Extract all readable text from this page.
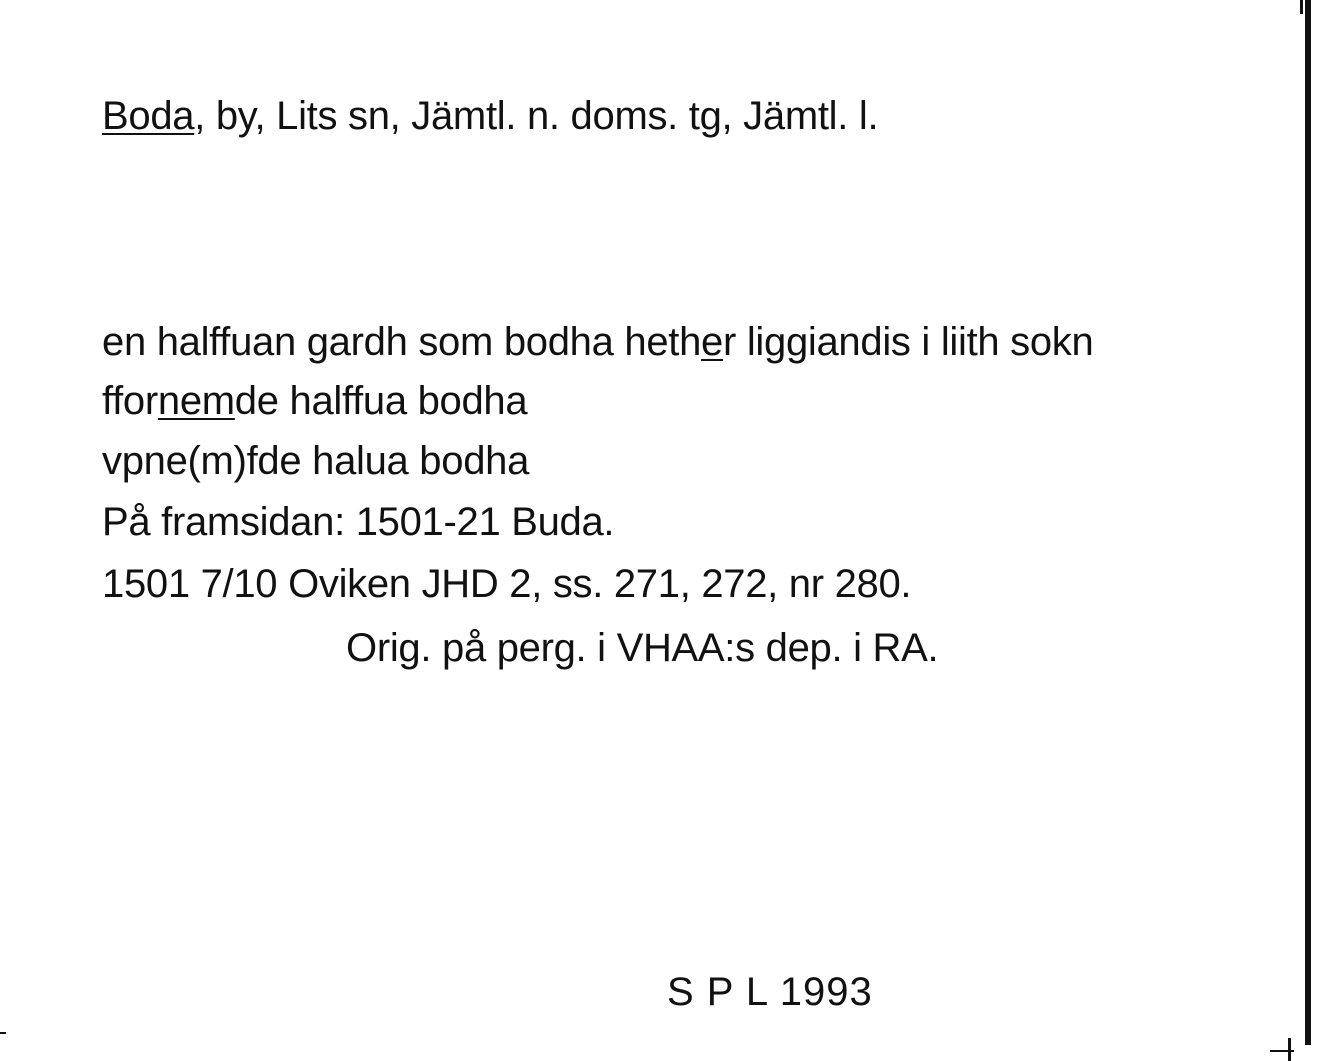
Boda, by, Lits sn, Jämtl. n. doms. tg, Jämtl. l.
en halffuan gardh som bodha hether liggiandis i liith sokn
ffornemde halffua bodha
vpne(m)fde halua bodha
På framsidan: 1501-21 Buda.
1501 7/10 Oviken JHD 2, ss. 271, 272, nr 280.
Orig. på perg. i VHAA:s dep. i RA.
S P L 1993
